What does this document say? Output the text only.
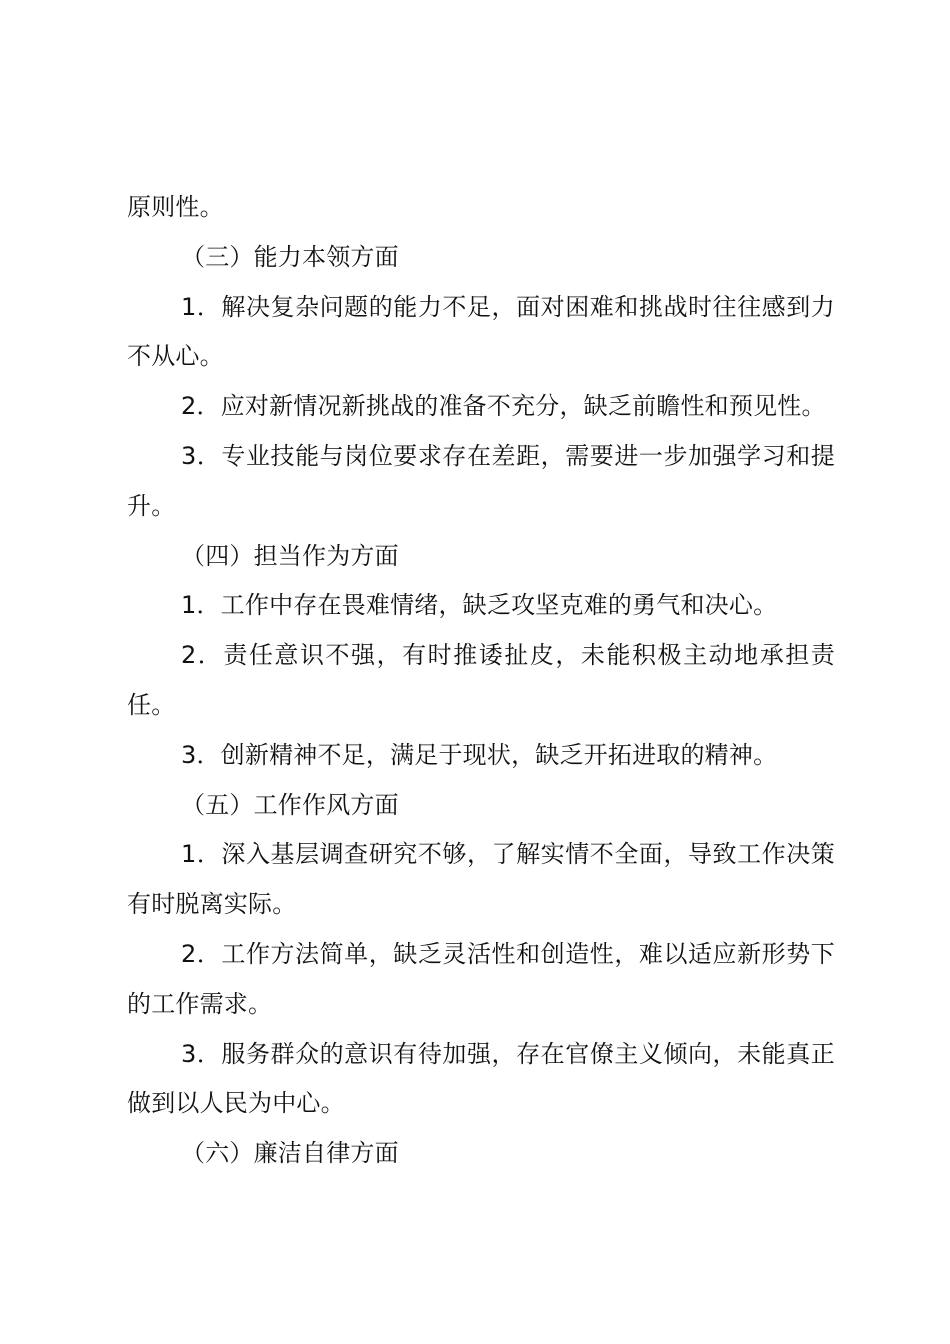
原则性。

（三）能力本领方面

1．解决复杂问题的能力不足，面对困难和挑战时往往感到力不从心。

2．应对新情况新挑战的准备不充分，缺乏前瞻性和预见性。

3．专业技能与岗位要求存在差距，需要进一步加强学习和提升。

（四）担当作为方面

1．工作中存在畏难情绪，缺乏攻坚克难的勇气和决心。

2．责任意识不强，有时推诿扯皮，未能积极主动地承担责任。

3．创新精神不足，满足于现状，缺乏开拓进取的精神。

（五）工作作风方面

1．深入基层调查研究不够，了解实情不全面，导致工作决策有时脱离实际。

2．工作方法简单，缺乏灵活性和创造性，难以适应新形势下的工作需求。

3．服务群众的意识有待加强，存在官僚主义倾向，未能真正做到以人民为中心。

（六）廉洁自律方面
